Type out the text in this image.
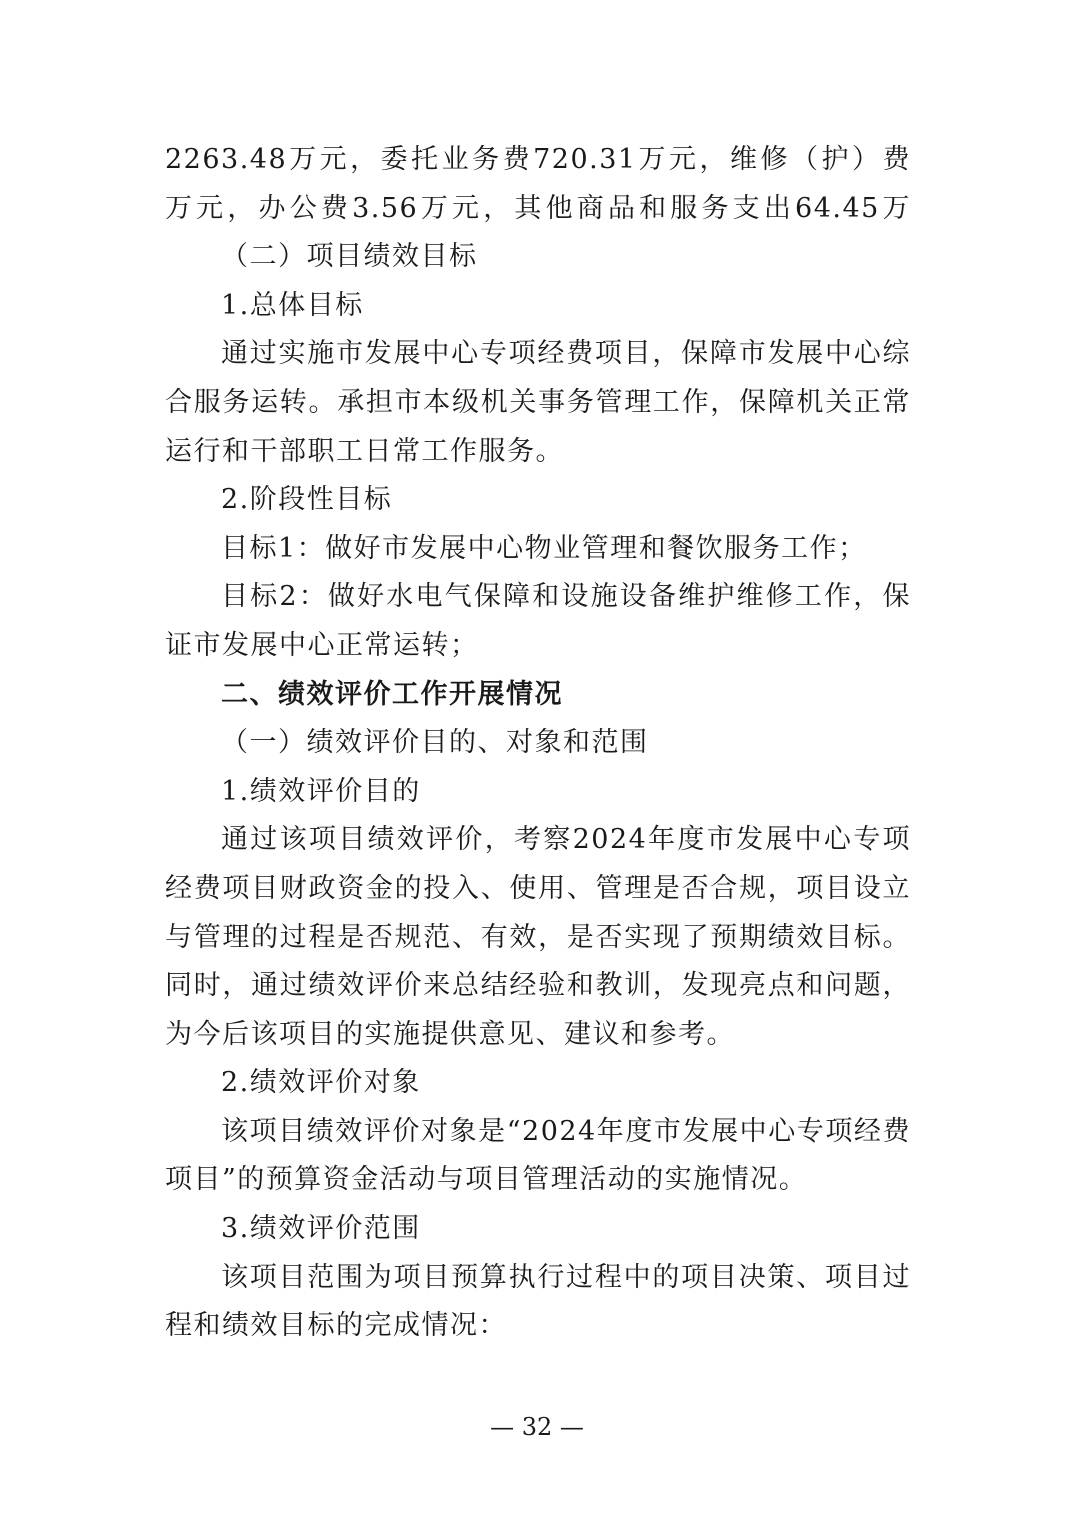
2263.48万元，委托业务费720.31万元，维修（护）费
万元，办公费3.56万元，其他商品和服务支出64.45万
（二）项目绩效目标
1.总体目标
通过实施市发展中心专项经费项目，保障市发展中心综
合服务运转。承担市本级机关事务管理工作，保障机关正常
运行和干部职工日常工作服务。
2.阶段性目标
目标1：做好市发展中心物业管理和餐饮服务工作；
目标2：做好水电气保障和设施设备维护维修工作，保
证市发展中心正常运转；
二、绩效评价工作开展情况
（一）绩效评价目的、对象和范围
1.绩效评价目的
通过该项目绩效评价，考察2024年度市发展中心专项
经费项目财政资金的投入、使用、管理是否合规，项目设立
与管理的过程是否规范、有效，是否实现了预期绩效目标。
同时，通过绩效评价来总结经验和教训，发现亮点和问题，
为今后该项目的实施提供意见、建议和参考。
2.绩效评价对象
该项目绩效评价对象是“2024年度市发展中心专项经费
项目”的预算资金活动与项目管理活动的实施情况。
3.绩效评价范围
该项目范围为项目预算执行过程中的项目决策、项目过
程和绩效目标的完成情况：
— 32 —
